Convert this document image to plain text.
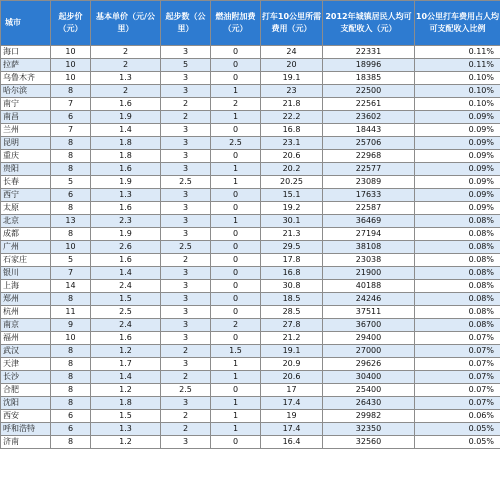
城市	起步价（元）	基本单价（元/公里）	起步数（公里）	燃油附加费（元）	打车10公里所需费用（元）	2012年城镇居民人均可支配收入（元）	10公里打车费用占人均可支配收入比例
海口	10	2	3	0	24	22331	0.11%
拉萨	10	2	5	0	20	18996	0.11%
乌鲁木齐	10	1.3	3	0	19.1	18385	0.10%
哈尔滨	8	2	3	1	23	22500	0.10%
南宁	7	1.6	2	2	21.8	22561	0.10%
南昌	6	1.9	2	1	22.2	23602	0.09%
兰州	7	1.4	3	0	16.8	18443	0.09%
昆明	8	1.8	3	2.5	23.1	25706	0.09%
重庆	8	1.8	3	0	20.6	22968	0.09%
贵阳	8	1.6	3	1	20.2	22577	0.09%
长春	5	1.9	2.5	1	20.25	23089	0.09%
西宁	6	1.3	3	0	15.1	17633	0.09%
太原	8	1.6	3	0	19.2	22587	0.09%
北京	13	2.3	3	1	30.1	36469	0.08%
成都	8	1.9	3	0	21.3	27194	0.08%
广州	10	2.6	2.5	0	29.5	38108	0.08%
石家庄	5	1.6	2	0	17.8	23038	0.08%
银川	7	1.4	3	0	16.8	21900	0.08%
上海	14	2.4	3	0	30.8	40188	0.08%
郑州	8	1.5	3	0	18.5	24246	0.08%
杭州	11	2.5	3	0	28.5	37511	0.08%
南京	9	2.4	3	2	27.8	36700	0.08%
福州	10	1.6	3	0	21.2	29400	0.07%
武汉	8	1.2	2	1.5	19.1	27000	0.07%
天津	8	1.7	3	1	20.9	29626	0.07%
长沙	8	1.4	2	1	20.6	30400	0.07%
合肥	8	1.2	2.5	0	17	25400	0.07%
沈阳	8	1.8	3	1	17.4	26430	0.07%
西安	6	1.5	2	1	19	29982	0.06%
呼和浩特	6	1.3	2	1	17.4	32350	0.05%
济南	8	1.2	3	0	16.4	32560	0.05%
